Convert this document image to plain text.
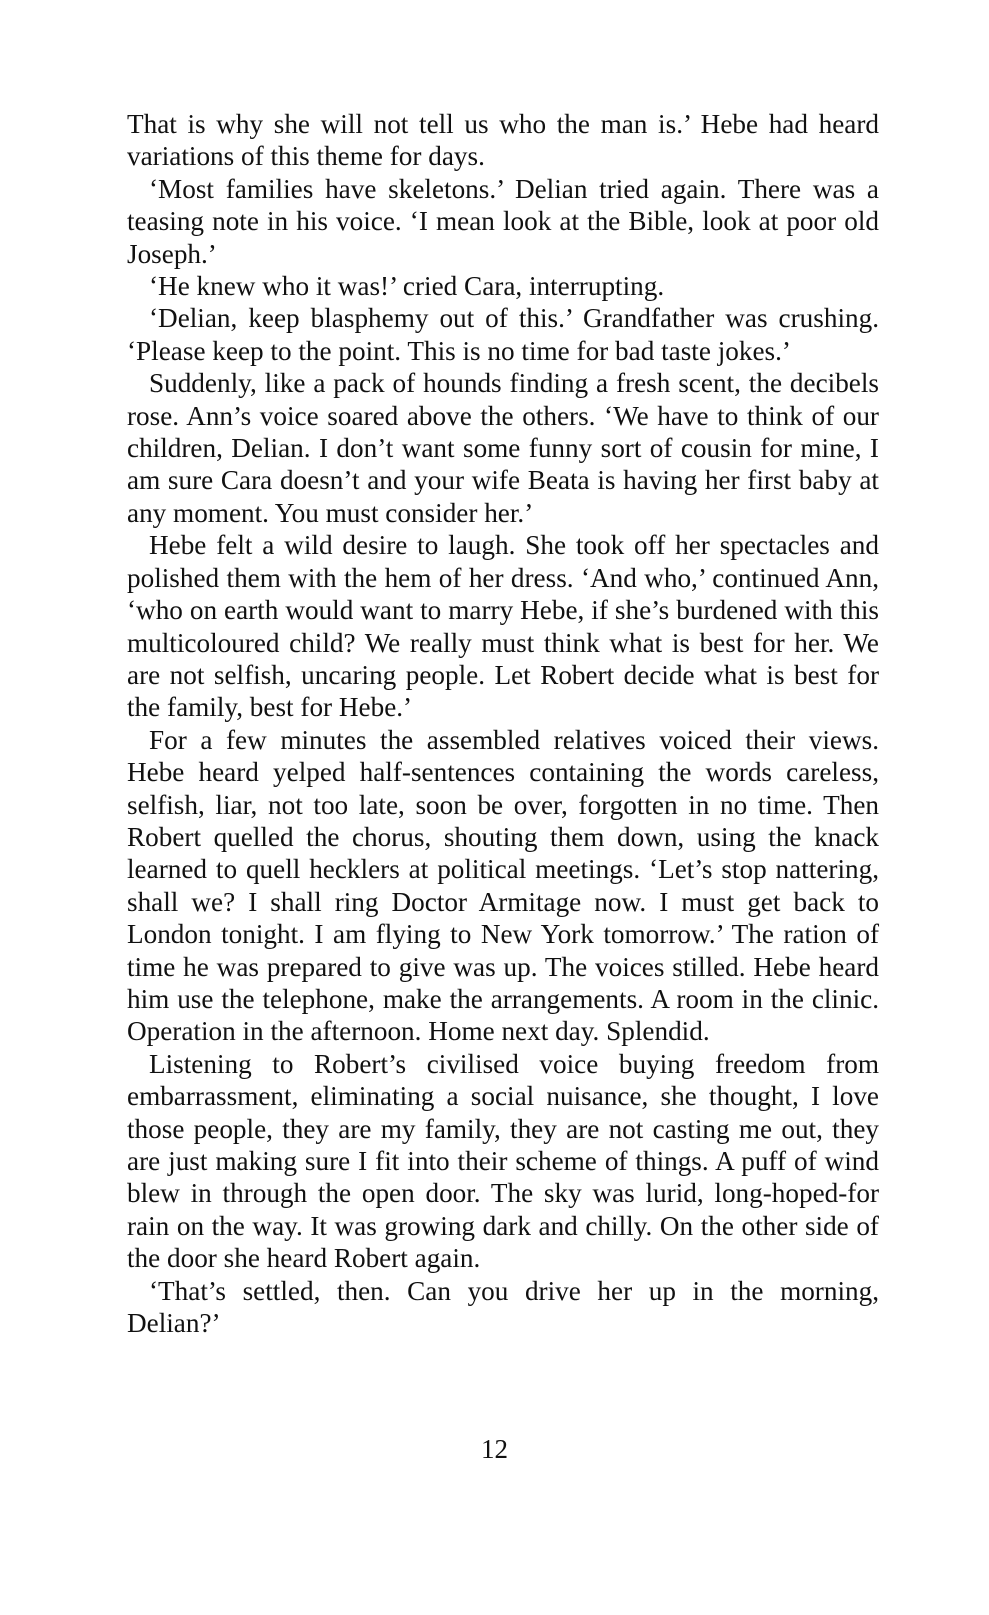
That is why she will not tell us who the man is.’ Hebe had heard variations of this theme for days.

‘Most families have skeletons.’ Delian tried again. There was a teasing note in his voice. ‘I mean look at the Bible, look at poor old Joseph.’

‘He knew who it was!’ cried Cara, interrupting.

‘Delian, keep blasphemy out of this.’ Grandfather was crushing. ‘Please keep to the point. This is no time for bad taste jokes.’

Suddenly, like a pack of hounds finding a fresh scent, the decibels rose. Ann’s voice soared above the others. ‘We have to think of our children, Delian. I don’t want some funny sort of cousin for mine, I am sure Cara doesn’t and your wife Beata is having her first baby at any moment. You must consider her.’

Hebe felt a wild desire to laugh. She took off her spectacles and polished them with the hem of her dress. ‘And who,’ continued Ann, ‘who on earth would want to marry Hebe, if she’s burdened with this multicoloured child? We really must think what is best for her. We are not selfish, uncaring people. Let Robert decide what is best for the family, best for Hebe.’

For a few minutes the assembled relatives voiced their views. Hebe heard yelped half-sentences containing the words careless, selfish, liar, not too late, soon be over, forgotten in no time. Then Robert quelled the chorus, shouting them down, using the knack learned to quell hecklers at political meetings. ‘Let’s stop nattering, shall we? I shall ring Doctor Armitage now. I must get back to London tonight. I am flying to New York tomorrow.’ The ration of time he was prepared to give was up. The voices stilled. Hebe heard him use the telephone, make the arrangements. A room in the clinic. Operation in the afternoon. Home next day. Splendid.

Listening to Robert’s civilised voice buying freedom from embarrassment, eliminating a social nuisance, she thought, I love those people, they are my family, they are not casting me out, they are just making sure I fit into their scheme of things. A puff of wind blew in through the open door. The sky was lurid, long-hoped-for rain on the way. It was growing dark and chilly. On the other side of the door she heard Robert again.

‘That’s settled, then. Can you drive her up in the morning, Delian?’

12
